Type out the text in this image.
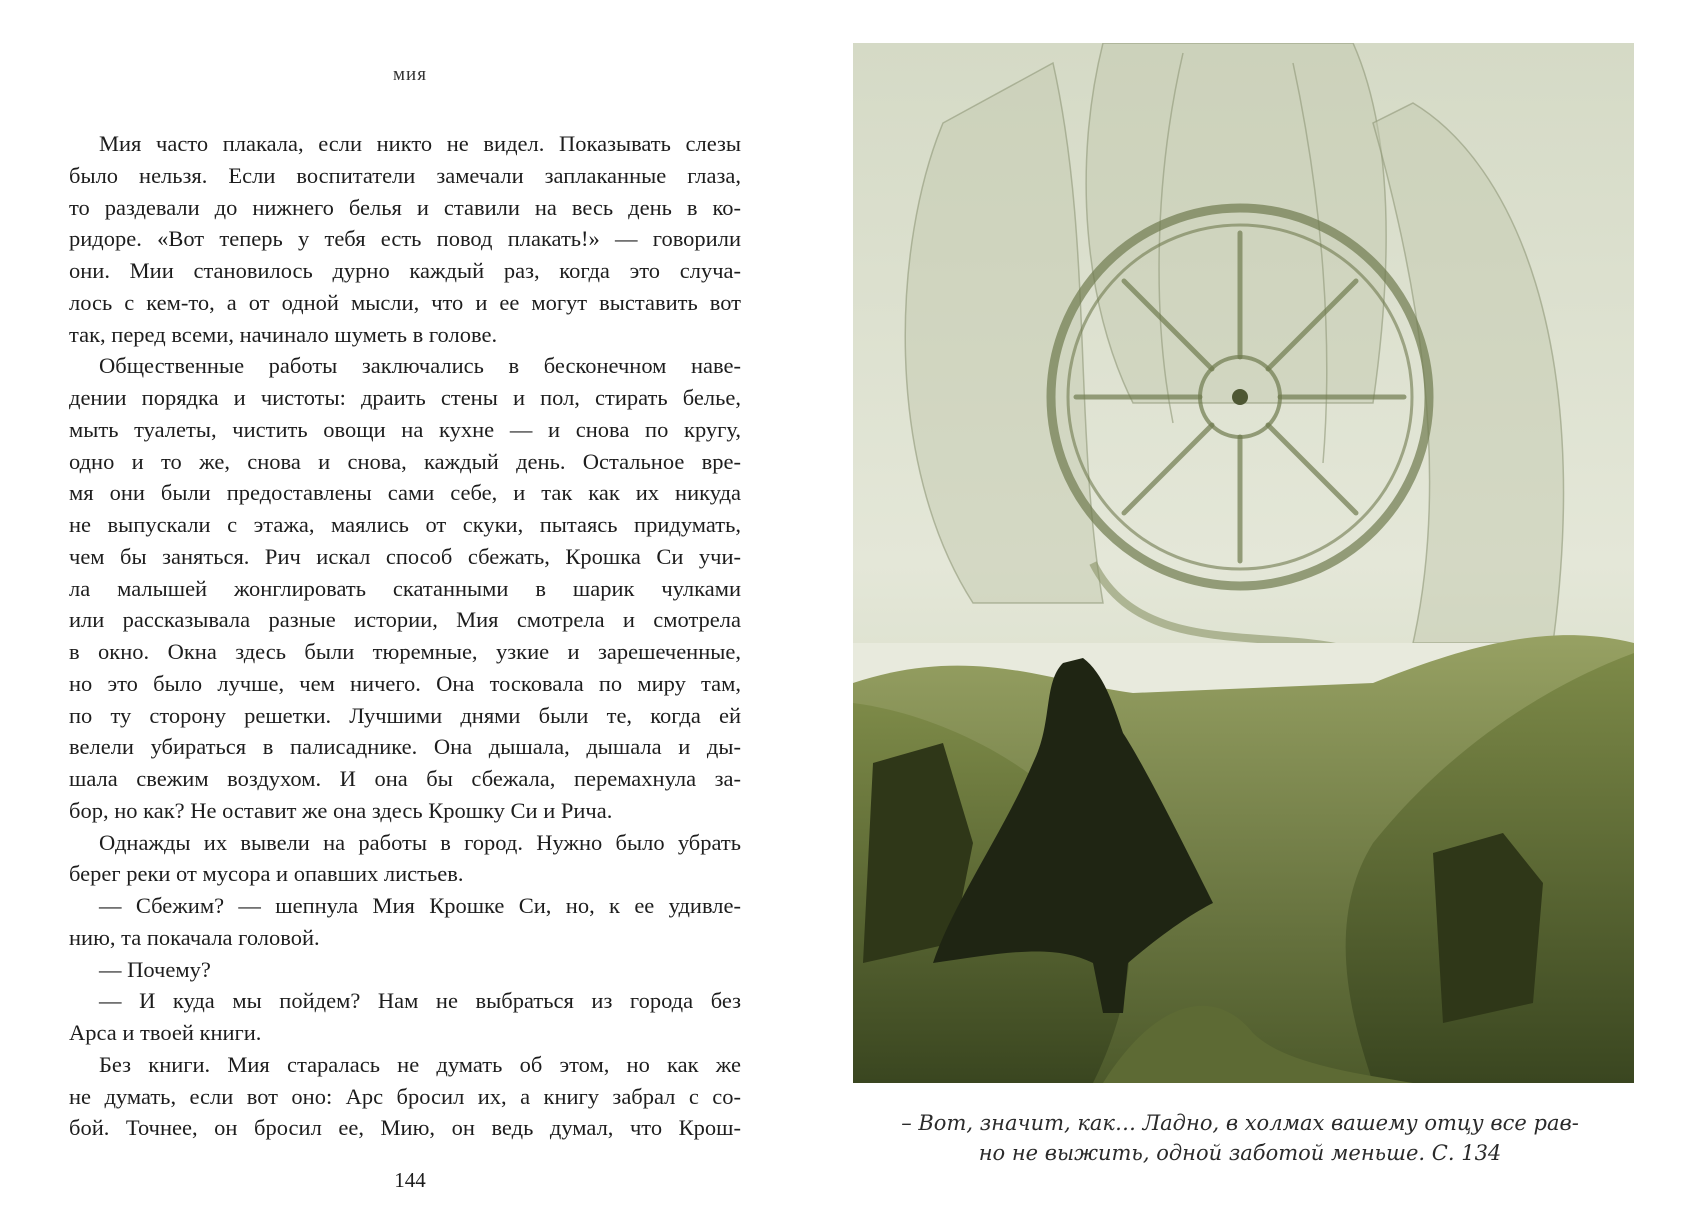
мия
Мия часто плакала, если никто не видел. Показывать слезы
было нельзя. Если воспитатели замечали заплаканные глаза,
то раздевали до нижнего белья и ставили на весь день в ко-
ридоре. «Вот теперь у тебя есть повод плакать!» — говорили
они. Мии становилось дурно каждый раз, когда это случа-
лось с кем-то, а от одной мысли, что и ее могут выставить вот
так, перед всеми, начинало шуметь в голове.
Общественные работы заключались в бесконечном наве-
дении порядка и чистоты: драить стены и пол, стирать белье,
мыть туалеты, чистить овощи на кухне — и снова по кругу,
одно и то же, снова и снова, каждый день. Остальное вре-
мя они были предоставлены сами себе, и так как их никуда
не выпускали с этажа, маялись от скуки, пытаясь придумать,
чем бы заняться. Рич искал способ сбежать, Крошка Си учи-
ла малышей жонглировать скатанными в шарик чулками
или рассказывала разные истории, Мия смотрела и смотрела
в окно. Окна здесь были тюремные, узкие и зарешеченные,
но это было лучше, чем ничего. Она тосковала по миру там,
по ту сторону решетки. Лучшими днями были те, когда ей
велели убираться в палисаднике. Она дышала, дышала и ды-
шала свежим воздухом. И она бы сбежала, перемахнула за-
бор, но как? Не оставит же она здесь Крошку Си и Рича.
Однажды их вывели на работы в город. Нужно было убрать
берег реки от мусора и опавших листьев.
— Сбежим? — шепнула Мия Крошке Си, но, к ее удивле-
нию, та покачала головой.
— Почему?
— И куда мы пойдем? Нам не выбраться из города без
Арса и твоей книги.
Без книги. Мия старалась не думать об этом, но как же
не думать, если вот оно: Арс бросил их, а книгу забрал с со-
бой. Точнее, он бросил ее, Мию, он ведь думал, что Крош-
144
– Вот, значит, как… Ладно, в холмах вашему отцу все рав-
но не выжить, одной заботой меньше. С. 134
